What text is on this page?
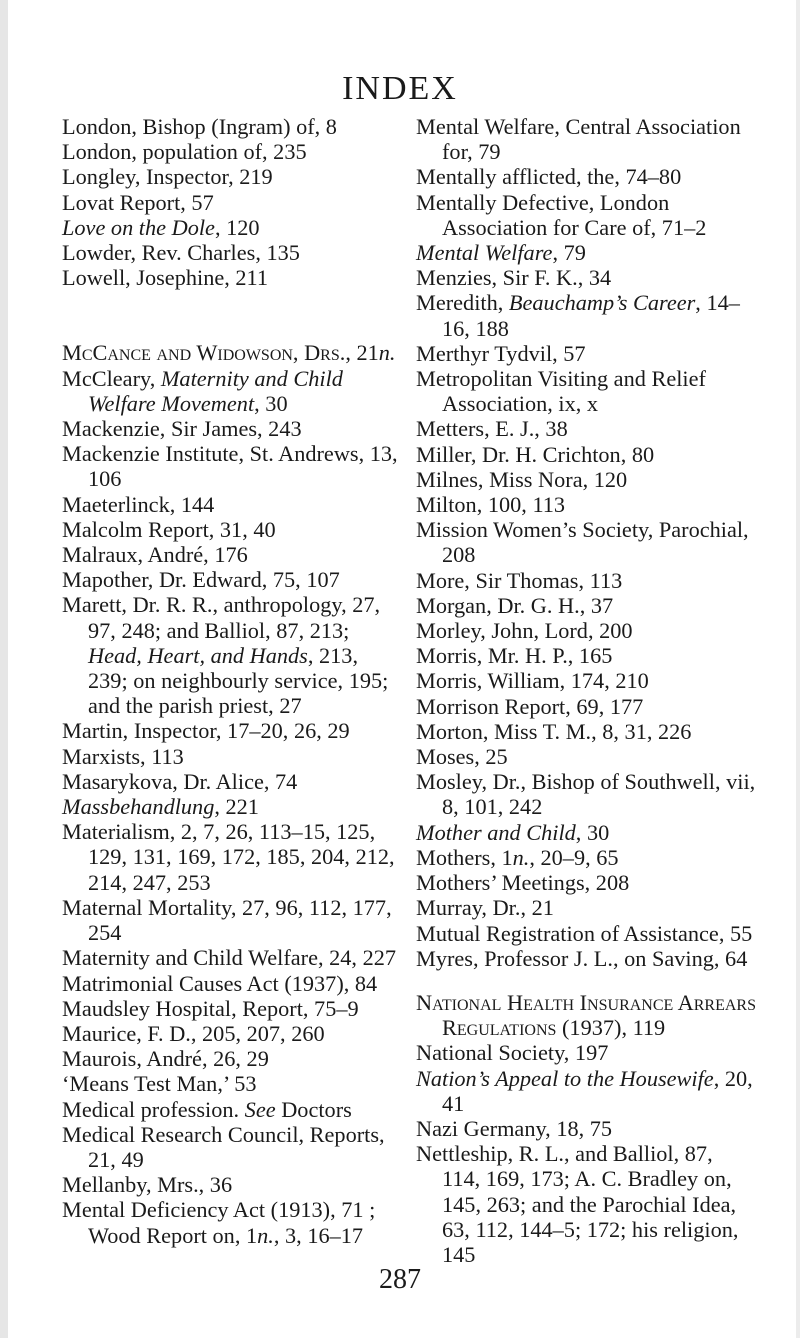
INDEX
London, Bishop (Ingram) of, 8
London, population of, 235
Longley, Inspector, 219
Lovat Report, 57
Love on the Dole, 120
Lowder, Rev. Charles, 135
Lowell, Josephine, 211
McCance and Widowson, Drs., 21n.
McCleary, Maternity and Child Welfare Movement, 30
Mackenzie, Sir James, 243
Mackenzie Institute, St. Andrews, 13, 106
Maeterlinck, 144
Malcolm Report, 31, 40
Malraux, André, 176
Mapother, Dr. Edward, 75, 107
Marett, Dr. R. R., anthropology, 27, 97, 248; and Balliol, 87, 213; Head, Heart, and Hands, 213, 239; on neighbourly service, 195; and the parish priest, 27
Martin, Inspector, 17–20, 26, 29
Marxists, 113
Masarykova, Dr. Alice, 74
Massbehandlung, 221
Materialism, 2, 7, 26, 113–15, 125, 129, 131, 169, 172, 185, 204, 212, 214, 247, 253
Maternal Mortality, 27, 96, 112, 177, 254
Maternity and Child Welfare, 24, 227
Matrimonial Causes Act (1937), 84
Maudsley Hospital, Report, 75–9
Maurice, F. D., 205, 207, 260
Maurois, André, 26, 29
‘Means Test Man,’ 53
Medical profession. See Doctors
Medical Research Council, Reports, 21, 49
Mellanby, Mrs., 36
Mental Deficiency Act (1913), 71 ; Wood Report on, 1n., 3, 16–17
Mental Welfare, Central Association for, 79
Mentally afflicted, the, 74–80
Mentally Defective, London Association for Care of, 71–2
Mental Welfare, 79
Menzies, Sir F. K., 34
Meredith, Beauchamp’s Career, 14–16, 188
Merthyr Tydvil, 57
Metropolitan Visiting and Relief Association, ix, x
Metters, E. J., 38
Miller, Dr. H. Crichton, 80
Milnes, Miss Nora, 120
Milton, 100, 113
Mission Women’s Society, Parochial, 208
More, Sir Thomas, 113
Morgan, Dr. G. H., 37
Morley, John, Lord, 200
Morris, Mr. H. P., 165
Morris, William, 174, 210
Morrison Report, 69, 177
Morton, Miss T. M., 8, 31, 226
Moses, 25
Mosley, Dr., Bishop of Southwell, vii, 8, 101, 242
Mother and Child, 30
Mothers, 1n., 20–9, 65
Mothers’ Meetings, 208
Murray, Dr., 21
Mutual Registration of Assistance, 55
Myres, Professor J. L., on Saving, 64
National Health Insurance Arrears Regulations (1937), 119
National Society, 197
Nation’s Appeal to the Housewife, 20, 41
Nazi Germany, 18, 75
Nettleship, R. L., and Balliol, 87, 114, 169, 173; A. C. Bradley on, 145, 263; and the Parochial Idea, 63, 112, 144–5; 172; his religion, 145
287
